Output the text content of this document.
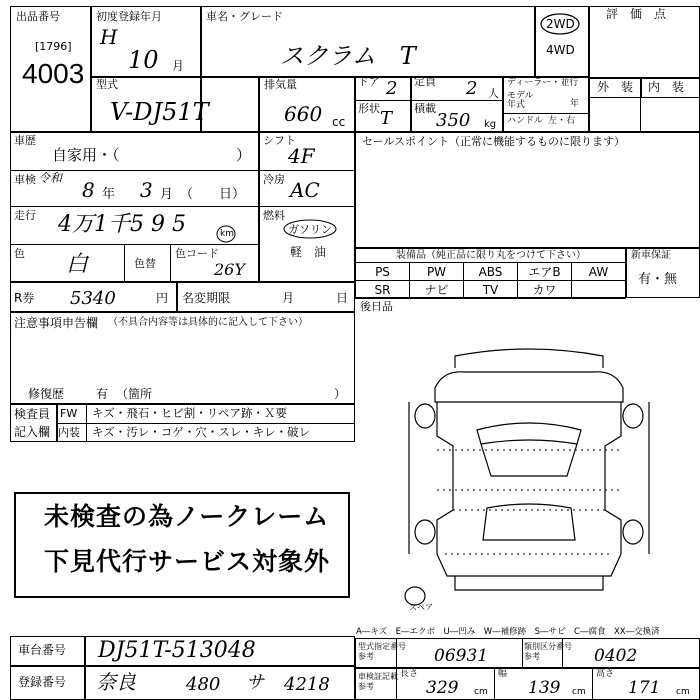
出品番号
[1796]
4003
初度登録年月
H
10 月
車名・グレード
スクラム　T
2WD
4WD
評　価　点
外　装 内　装
型式
V-DJ51T
排気量
660 cc
ドア 2 定員 2 人
ディーラー・並行
モデル
年式	年
ハンドル 左・右
形状 T 積載
350 kg
車歴
自家用・（	）
シフト
4F
車検 令和 8 年 3 月 （　　日）
冷房 AC
走行 4万1千5 9 5	km
燃料
ガソリン
軽　油
色 白	色替
色コード
26Y
セールスポイント（正常に機能するものに限ります）
装備品（純正品に限り丸をつけて下さい）	新車保証
有・無
PS	PW	ABS	エアB	AW
SR	ナビ	TV	カワ
R券 5340	円 名変期限	月	日
後日品
注意事項申告欄 （不具合内容等は具体的に記入して下さい）
修復歴	有 （箇所	）
検査員
記入欄
FW キズ・飛石・ヒビ割・リペア跡・Ｘ要
内装 キズ・汚レ・コゲ・穴・スレ・キレ・破レ
未検査の為ノークレーム
下見代行サービス対象外
スペア
A―キズ　E―エクボ　U―凹み　W―補修跡　S―サビ　C―腐食　XX―交換済
車台番号 DJ51T-513048
登録番号 奈良	480 サ 4218
型式指定番号
参考	06931	類別区分番号
参考	0402
車検証記載
参考
長さ
329 cm
幅
139 cm
高さ
171 cm
